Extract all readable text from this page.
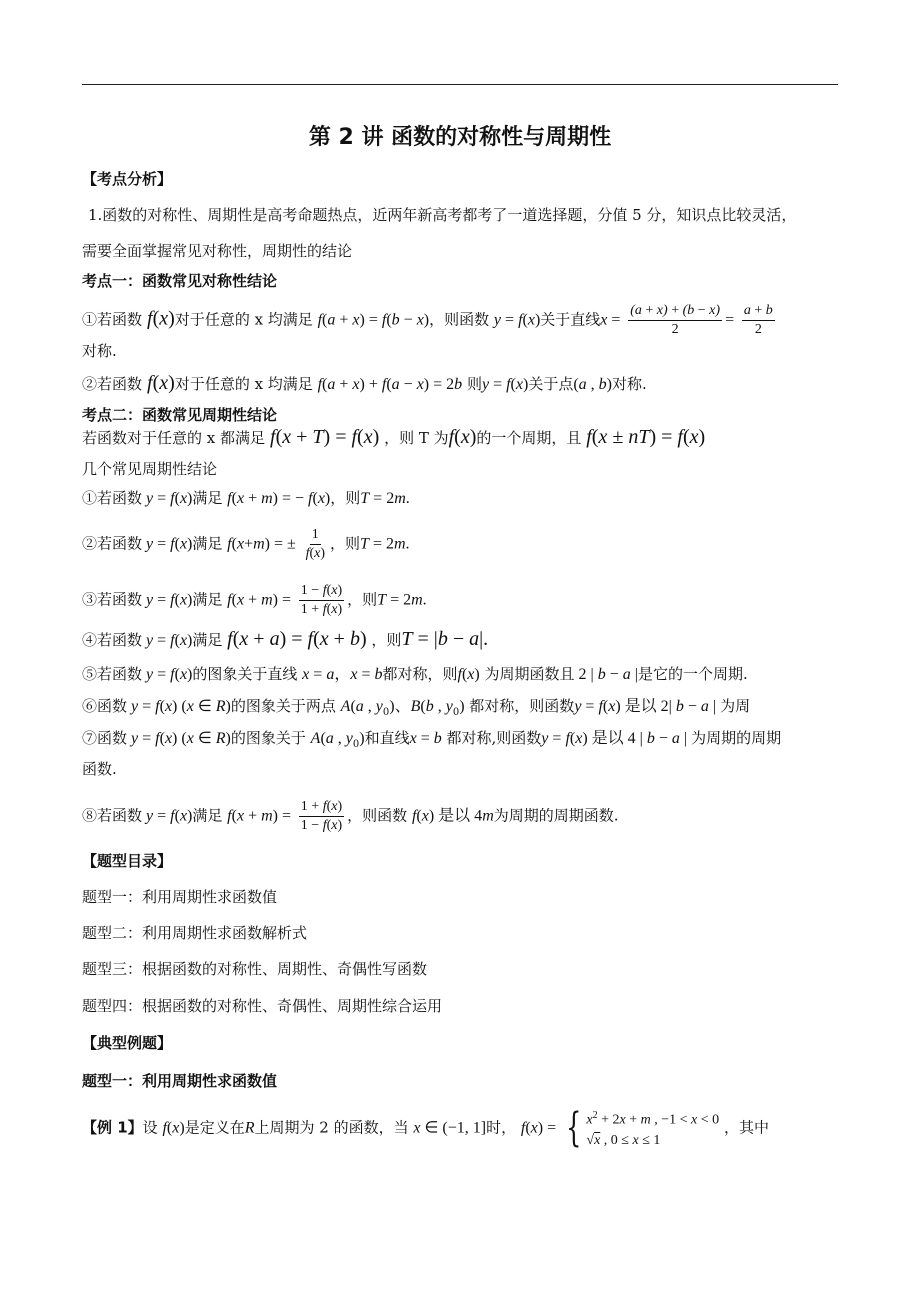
第 2 讲 函数的对称性与周期性
【考点分析】
1.函数的对称性、周期性是高考命题热点，近两年新高考都考了一道选择题，分值 5 分，知识点比较灵活，
需要全面掌握常见对称性，周期性的结论
考点一：函数常见对称性结论
①若函数 f(x)对于任意的 x 均满足 f(a + x) = f(b − x)，则函数 y = f(x)关于直线$x = \frac{(a + x) + (b - x)}{2} = \frac{a + b}{2}$
对称.
②若函数 f(x)对于任意的 x 均满足 f(a + x) + f(a − x) = 2b 则y = f(x)关于点(a , b)对称.
考点二：函数常见周期性结论
若函数对于任意的 x 都满足 f(x + T) = f(x) ，则 T 为f(x)的一个周期，且 f(x ± nT) = f(x)
几个常见周期性结论
①若函数 y = f(x)满足 f(x + m) = − f(x)，则T = 2m.
②若函数 y = f(x)满足 f(x+m) = ± $\frac{1}{f(x)}$ ，则T = 2m.
③若函数 y = f(x)满足 $f(x + m) = \frac{1 - f(x)}{1 + f(x)}$ ，则T = 2m.
④若函数 y = f(x)满足 f(x + a) = f(x + b) ，则T = |b − a|.
⑤若函数 y = f(x)的图象关于直线 x = a，x = b都对称，则f(x) 为周期函数且 2 | b − a |是它的一个周期.
⑥函数 y = f(x) (x ∈ R)的图象关于两点 A(a , $y_0$)、B(b , $y_0$) 都对称，则函数y = f(x) 是以 2| b − a | 为周
⑦函数 y = f(x) (x ∈ R)的图象关于 A(a , $y_0$)和直线x = b 都对称,则函数y = f(x) 是以 4 | b − a | 为周期的周期
函数.
⑧若函数 y = f(x)满足 $f(x + m) = \frac{1 + f(x)}{1 - f(x)}$ ，则函数 f(x) 是以 4m为周期的周期函数.
【题型目录】
题型一：利用周期性求函数值
题型二：利用周期性求函数解析式
题型三：根据函数的对称性、周期性、奇偶性写函数
题型四：根据函数的对称性、奇偶性、周期性综合运用
【典型例题】
题型一：利用周期性求函数值
【例 1】设 f(x)是定义在R上周期为 2 的函数，当 x ∈ (−1, 1]时， f(x) = { $x^2 + 2x + m$ , −1 < x < 0
√x , 0 ≤ x ≤ 1
，其中
